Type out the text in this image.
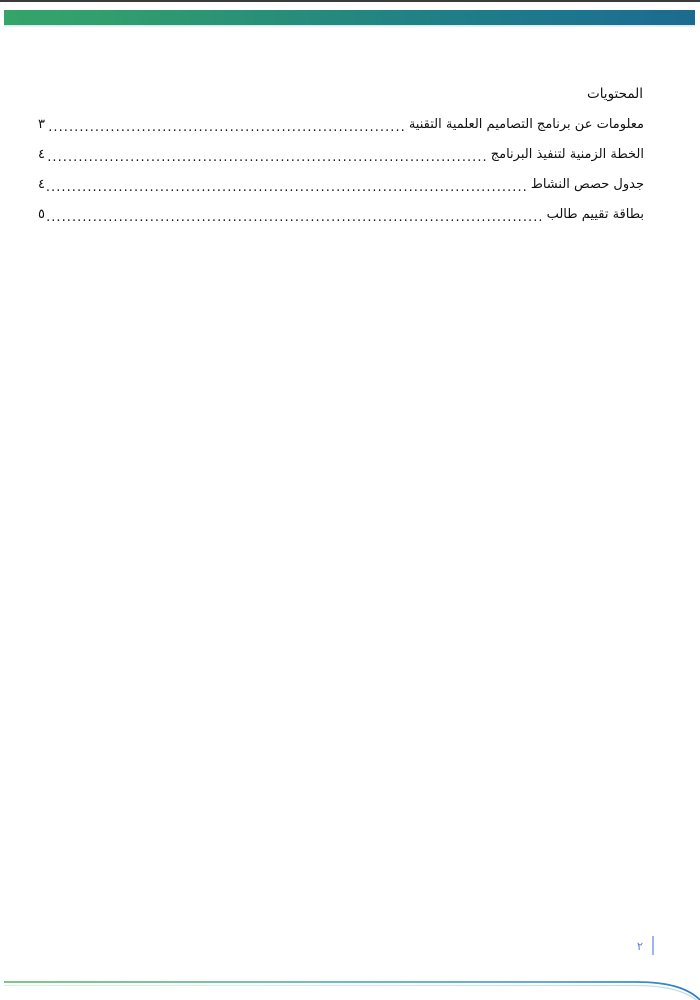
المحتويات
معلومات عن برنامج التصاميم العلمية التقنية
.....
٣
الخطة الزمنية لتنفيذ البرنامج
.....
٤
جدول حصص النشاط
.....
٤
بطاقة تقييم طالب
.....
٥
٢
